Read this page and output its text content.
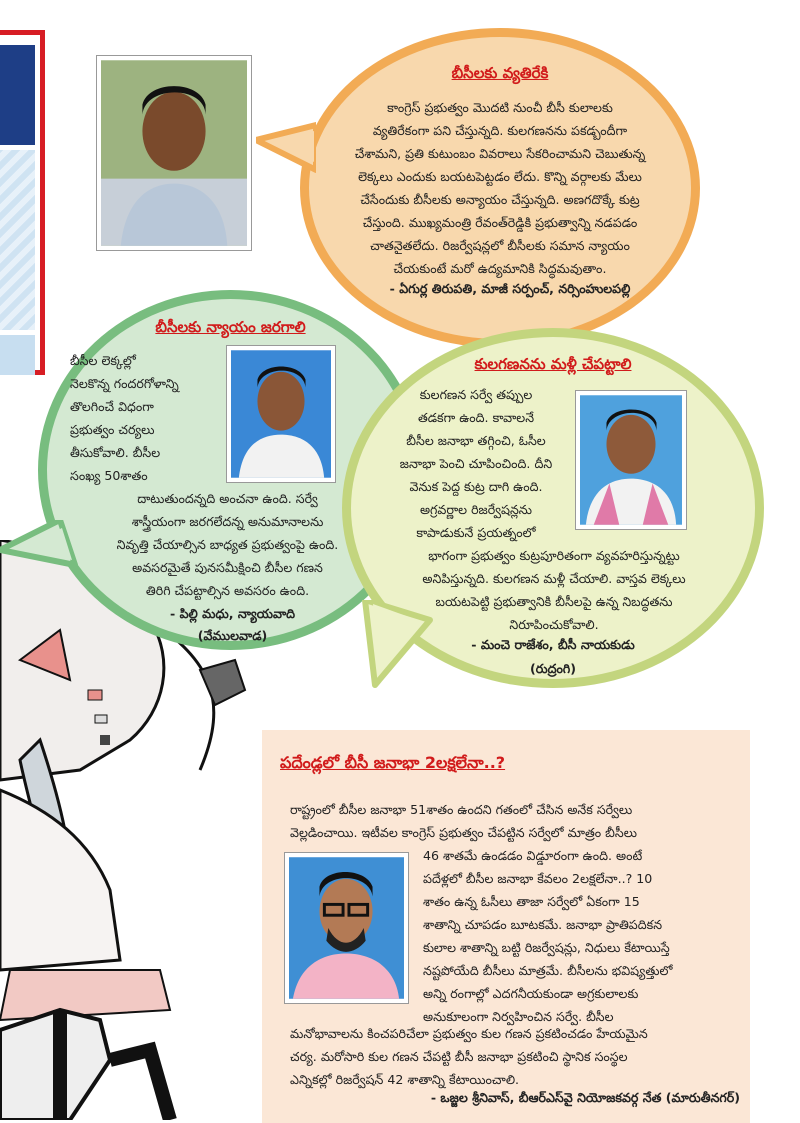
బీసీలకు వ్యతిరేకి
కాంగ్రెస్ ప్రభుత్వం మొదటి నుంచీ బీసీ కులాలకు
వ్యతిరేకంగా పని చేస్తున్నది. కులగణనను పకడ్బందీగా
చేశామని, ప్రతి కుటుంబం వివరాలు సేకరించామని చెబుతున్న
లెక్కలు ఎందుకు బయటపెట్టడం లేదు. కొన్ని వర్గాలకు మేలు
చేసేందుకు బీసీలకు అన్యాయం చేస్తున్నది. అణగదొక్కే కుట్ర
చేస్తుంది. ముఖ్యమంత్రి రేవంత్‌రెడ్డికి ప్రభుత్వాన్ని నడపడం
చాతనైతలేదు. రిజర్వేషన్లలో బీసీలకు సమాన న్యాయం
చేయకుంటే మరో ఉద్యమానికి సిద్ధమవుతాం.
- ఏగుర్ల తిరుపతి, మాజీ సర్పంచ్, నర్సింహులపల్లి
బీసీలకు న్యాయం జరగాలి
బీసీల లెక్కల్లో
నెలకొన్న గందరగోళాన్ని
తొలగించే విధంగా
ప్రభుత్వం చర్యలు
తీసుకోవాలి. బీసీల
సంఖ్య 50శాతం
దాటుతుందన్నది అంచనా ఉంది. సర్వే
శాస్త్రీయంగా జరగలేదన్న అనుమానాలను
నివృత్తి చేయాల్సిన బాధ్యత ప్రభుత్వంపై ఉంది.
అవసరమైతే పునసమీక్షించి బీసీల గణన
తిరిగి చేపట్టాల్సిన అవసరం ఉంది.
- పిల్లి మధు, న్యాయవాది
(వేములవాడ)
కులగణనను మళ్లీ చేపట్టాలి
కులగణన సర్వే తప్పుల
తడకగా ఉంది. కావాలనే
బీసీల జనాభా తగ్గించి, ఓసీల
జనాభా పెంచి చూపించింది. దీని
వెనుక పెద్ద కుట్ర దాగి ఉంది.
అగ్రవర్ణాల రిజర్వేషన్లను
కాపాడుకునే ప్రయత్నంలో
భాగంగా ప్రభుత్వం కుట్రపూరితంగా వ్యవహరిస్తున్నట్టు
అనిపిస్తున్నది. కులగణన మళ్లీ చేయాలి. వాస్తవ లెక్కలు
బయటపెట్టి ప్రభుత్వానికి బీసీలపై ఉన్న నిబద్ధతను
నిరూపించుకోవాలి.
- మంచె రాజేశం, బీసీ నాయకుడు
(రుద్రంగి)
పదేండ్లలో బీసీ జనాభా 2లక్షలేనా..?
రాష్ట్రంలో బీసీల జనాభా 51శాతం ఉందని గతంలో చేసిన అనేక సర్వేలు
వెల్లడించాయి. ఇటీవల కాంగ్రెస్ ప్రభుత్వం చేపట్టిన సర్వేలో మాత్రం బీసీలు
46 శాతమే ఉండడం విడ్డూరంగా ఉంది. అంటే
పదేళ్లలో బీసీల జనాభా కేవలం 2లక్షలేనా..? 10
శాతం ఉన్న ఓసీలు తాజా సర్వేలో ఏకంగా 15
శాతాన్ని చూపడం బూటకమే. జనాభా ప్రాతిపదికన
కులాల శాతాన్ని బట్టి రిజర్వేషన్లు, నిధులు కేటాయిస్తే
నష్టపోయేది బీసీలు మాత్రమే. బీసీలను భవిష్యత్తులో
అన్ని రంగాల్లో ఎదగనీయకుండా అగ్రకులాలకు
అనుకూలంగా నిర్వహించిన సర్వే. బీసీల
మనోభావాలను కించపరిచేలా ప్రభుత్వం కుల గణన ప్రకటించడం హేయమైన
చర్య. మరోసారి కుల గణన చేపట్టి బీసీ జనాభా ప్రకటించి స్థానిక సంస్థల
ఎన్నికల్లో రిజర్వేషన్ 42 శాతాన్ని కేటాయించాలి.
- ఒజ్జల శ్రీనివాస్, బీఆర్ఎస్‌వై నియోజకవర్గ నేత (మారుతీనగర్)
